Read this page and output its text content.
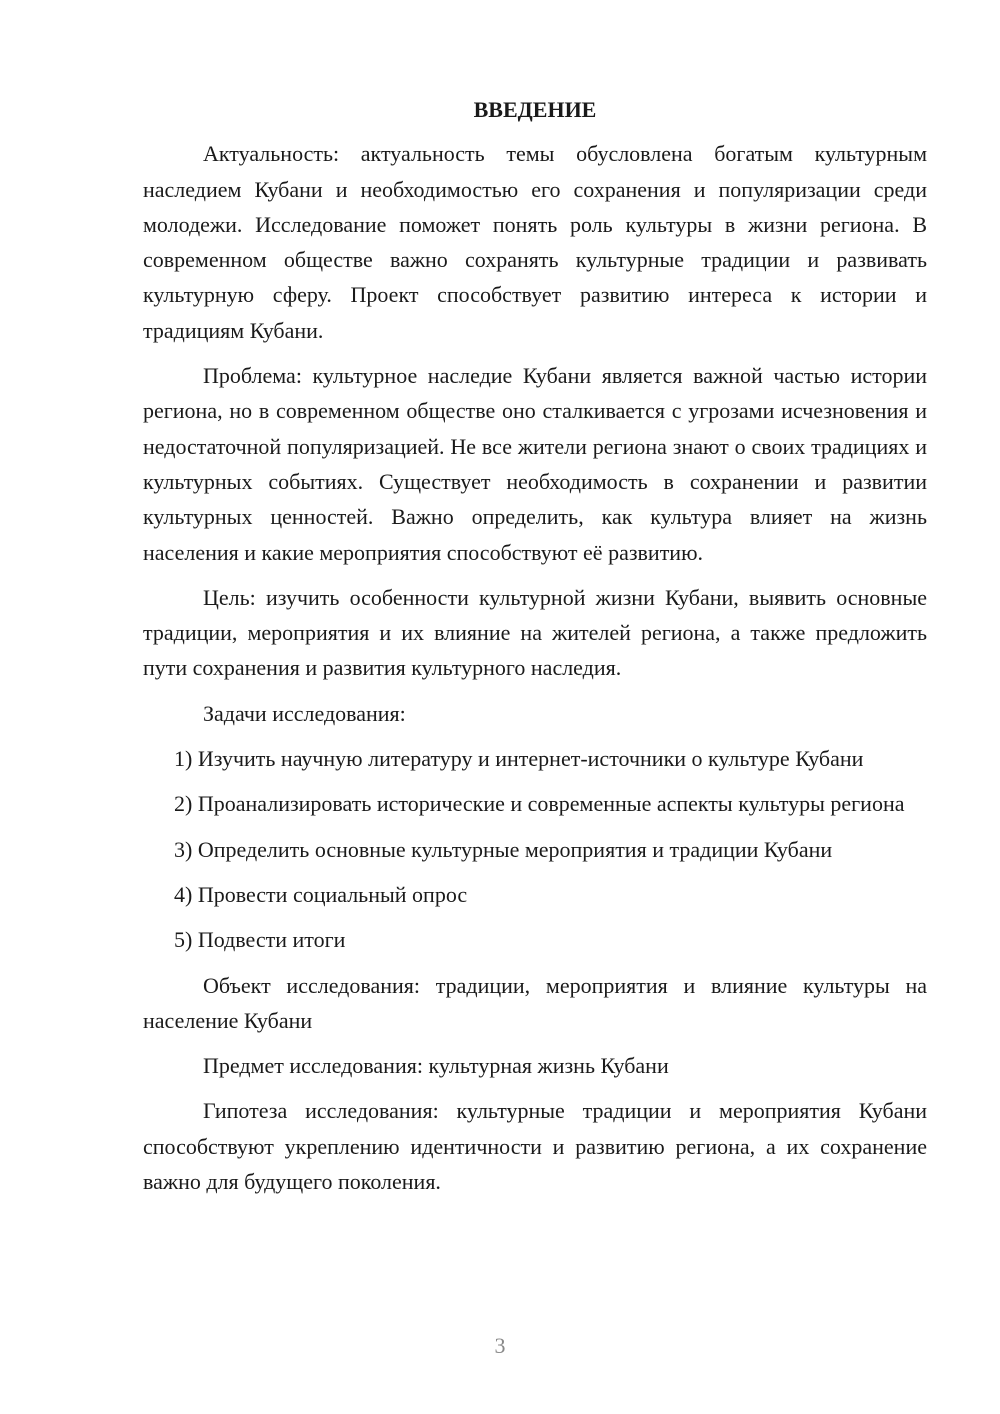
ВВЕДЕНИЕ

Актуальность: актуальность темы обусловлена богатым культурным наследием Кубани и необходимостью его сохранения и популяризации среди молодежи. Исследование поможет понять роль культуры в жизни региона. В современном обществе важно сохранять культурные традиции и развивать культурную сферу. Проект способствует развитию интереса к истории и традициям Кубани.

Проблема: культурное наследие Кубани является важной частью истории региона, но в современном обществе оно сталкивается с угрозами исчезновения и недостаточной популяризацией. Не все жители региона знают о своих традициях и культурных событиях. Существует необходимость в сохранении и развитии культурных ценностей. Важно определить, как культура влияет на жизнь населения и какие мероприятия способствуют её развитию.

Цель: изучить особенности культурной жизни Кубани, выявить основные традиции, мероприятия и их влияние на жителей региона, а также предложить пути сохранения и развития культурного наследия.

Задачи исследования:

1) Изучить научную литературу и интернет-источники о культуре Кубани

2) Проанализировать исторические и современные аспекты культуры региона

3) Определить основные культурные мероприятия и традиции Кубани

4) Провести социальный опрос

5) Подвести итоги

Объект исследования: традиции, мероприятия и влияние культуры на население Кубани

Предмет исследования: культурная жизнь Кубани

Гипотеза исследования: культурные традиции и мероприятия Кубани способствуют укреплению идентичности и развитию региона, а их сохранение важно для будущего поколения.

3
